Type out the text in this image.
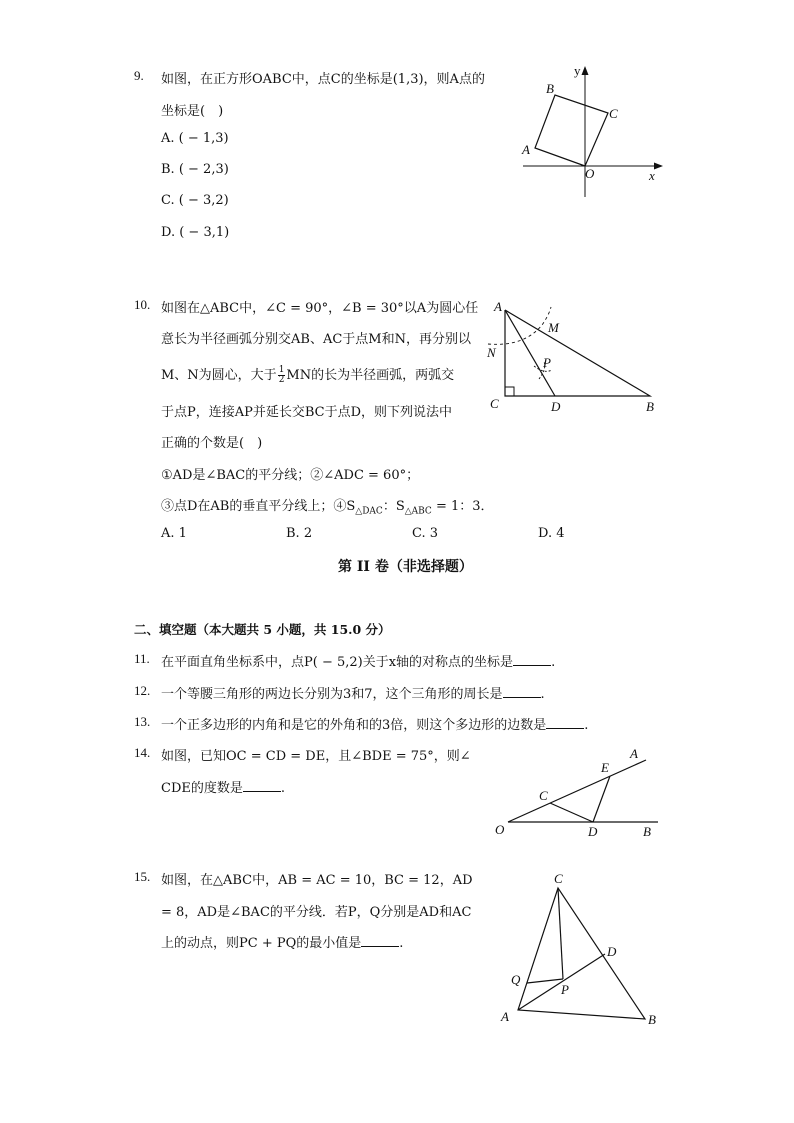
9. 如图，在正方形OABC中，点C的坐标是(1,3)，则A点的
坐标是(　)
A. ( − 1,3)
B. ( − 2,3)
C. ( − 3,2)
D. ( − 3,1)
y
x
B
C
A
O
10. 如图在△ABC中，∠C = 90°，∠B = 30°以A为圆心任
意长为半径画弧分别交AB、AC于点M和N，再分别以
M、N为圆心，大于 $\frac{1}{2}$ MN的长为半径画弧，两弧交
于点P，连接AP并延长交BC于点D，则下列说法中
正确的个数是(　)
①AD是∠BAC的平分线；②∠ADC = 60°；
③点D在AB的垂直平分线上；$④S_{\triangle DAC}$：$S_{\triangle ABC} = 1$：3．
A. 1	B. 2	C. 3	D. 4
N
A
M
P
C	D	B
第 II 卷（非选择题）
二、填空题（本大题共 5 小题，共 15.0 分）
11. 在平面直角坐标系中，点P( − 5,2)关于x轴的对称点的坐标是	.
12. 一个等腰三角形的两边长分别为3和7，这个三角形的周长是	.
13. 一个正多边形的内角和是它的外角和的3倍，则这个多边形的边数是	.
14. 如图，已知OC = CD = DE，且∠BDE = 75°，则∠
CDE的度数是	.
A
E
C
O	D	B
15. 如图，在△ABC中，AB = AC = 10，BC = 12，AD
= 8，AD是∠BAC的平分线．若P，Q分别是AD和AC
上的动点，则PC + PQ的最小值是	.
C
D
Q
P
A	B
